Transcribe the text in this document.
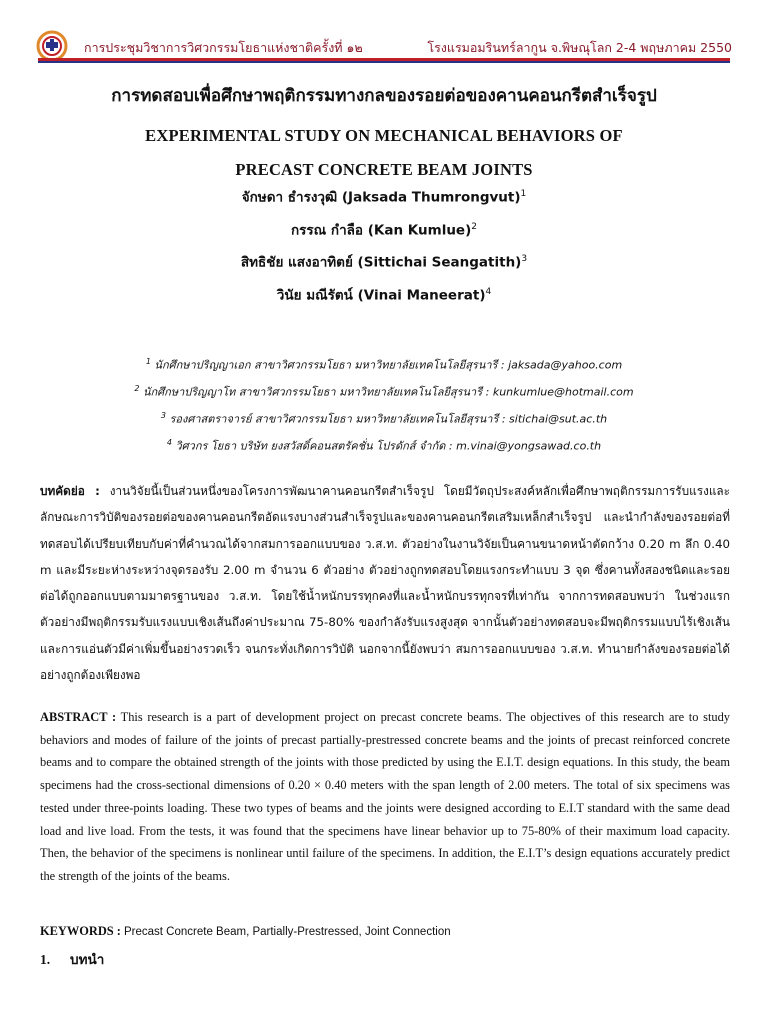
การประชุมวิชาการวิศวกรรมโยธาแห่งชาติครั้งที่ ๑๒	โรงแรมอมรินทร์ลากูน จ.พิษณุโลก 2-4 พฤษภาคม 2550

การทดสอบเพื่อศึกษาพฤติกรรมทางกลของรอยต่อของคานคอนกรีตสำเร็จรูป

EXPERIMENTAL STUDY ON MECHANICAL BEHAVIORS OF

PRECAST CONCRETE BEAM JOINTS

จักษดา ธำรงวุฒิ (Jaksada Thumrongvut)$^1$
กรรณ กำลือ (Kan Kumlue)$^2$
สิทธิชัย แสงอาทิตย์ (Sittichai Seangatith)$^3$
วินัย มณีรัตน์ (Vinai Maneerat)$^4$
$^1$ นักศึกษาปริญญาเอก สาขาวิศวกรรมโยธา มหาวิทยาลัยเทคโนโลยีสุรนารี : jaksada@yahoo.com
$^2$ นักศึกษาปริญญาโท สาขาวิศวกรรมโยธา มหาวิทยาลัยเทคโนโลยีสุรนารี : kunkumlue@hotmail.com
$^3$ รองศาสตราจารย์ สาขาวิศวกรรมโยธา มหาวิทยาลัยเทคโนโลยีสุรนารี : sitichai@sut.ac.th
$^4$ วิศวกร โยธา บริษัท ยงสวัสดิ์คอนสตรัคชั่น โปรดักส์ จำกัด : m.vinai@yongsawad.co.th
บทคัดย่อ : งานวิจัยนี้เป็นส่วนหนึ่งของโครงการพัฒนาคานคอนกรีตสำเร็จรูป โดยมีวัตถุประสงค์หลักเพื่อศึกษาพฤติกรรมการรับแรงและลักษณะการวิบัติของรอยต่อของคานคอนกรีตอัดแรงบางส่วนสำเร็จรูปและของคานคอนกรีตเสริมเหล็กสำเร็จรูป และนำกำลังของรอยต่อที่ทดสอบได้เปรียบเทียบกับค่าที่คำนวณได้จากสมการออกแบบของ ว.ส.ท. ตัวอย่างในงานวิจัยเป็นคานขนาดหน้าตัดกว้าง 0.20 m ลึก 0.40 m และมีระยะห่างระหว่างจุดรองรับ 2.00 m จำนวน 6 ตัวอย่าง ตัวอย่างถูกทดสอบโดยแรงกระทำแบบ 3 จุด ซึ่งคานทั้งสองชนิดและรอยต่อได้ถูกออกแบบตามมาตรฐานของ ว.ส.ท. โดยใช้น้ำหนักบรรทุกคงที่และน้ำหนักบรรทุกจรที่เท่ากัน จากการทดสอบพบว่า ในช่วงแรกตัวอย่างมีพฤติกรรมรับแรงแบบเชิงเส้นถึงค่าประมาณ 75-80% ของกำลังรับแรงสูงสุด จากนั้นตัวอย่างทดสอบจะมีพฤติกรรมแบบไร้เชิงเส้น และการแอ่นตัวมีค่าเพิ่มขึ้นอย่างรวดเร็ว จนกระทั่งเกิดการวิบัติ นอกจากนี้ยังพบว่า สมการออกแบบของ ว.ส.ท. ทำนายกำลังของรอยต่อได้อย่างถูกต้องเพียงพอ
ABSTRACT : This research is a part of development project on precast concrete beams. The objectives of this research are to study behaviors and modes of failure of the joints of precast partially-prestressed concrete beams and the joints of precast reinforced concrete beams and to compare the obtained strength of the joints with those predicted by using the E.I.T. design equations. In this study, the beam specimens had the cross-sectional dimensions of 0.20 × 0.40 meters with the span length of 2.00 meters. The total of six specimens was tested under three-points loading. These two types of beams and the joints were designed according to E.I.T standard with the same dead load and live load. From the tests, it was found that the specimens have linear behavior up to 75-80% of their maximum load capacity. Then, the behavior of the specimens is nonlinear until failure of the specimens. In addition, the E.I.T’s design equations accurately predict the strength of the joints of the beams.
KEYWORDS : Precast Concrete Beam, Partially-Prestressed, Joint Connection
1. บทนำ
